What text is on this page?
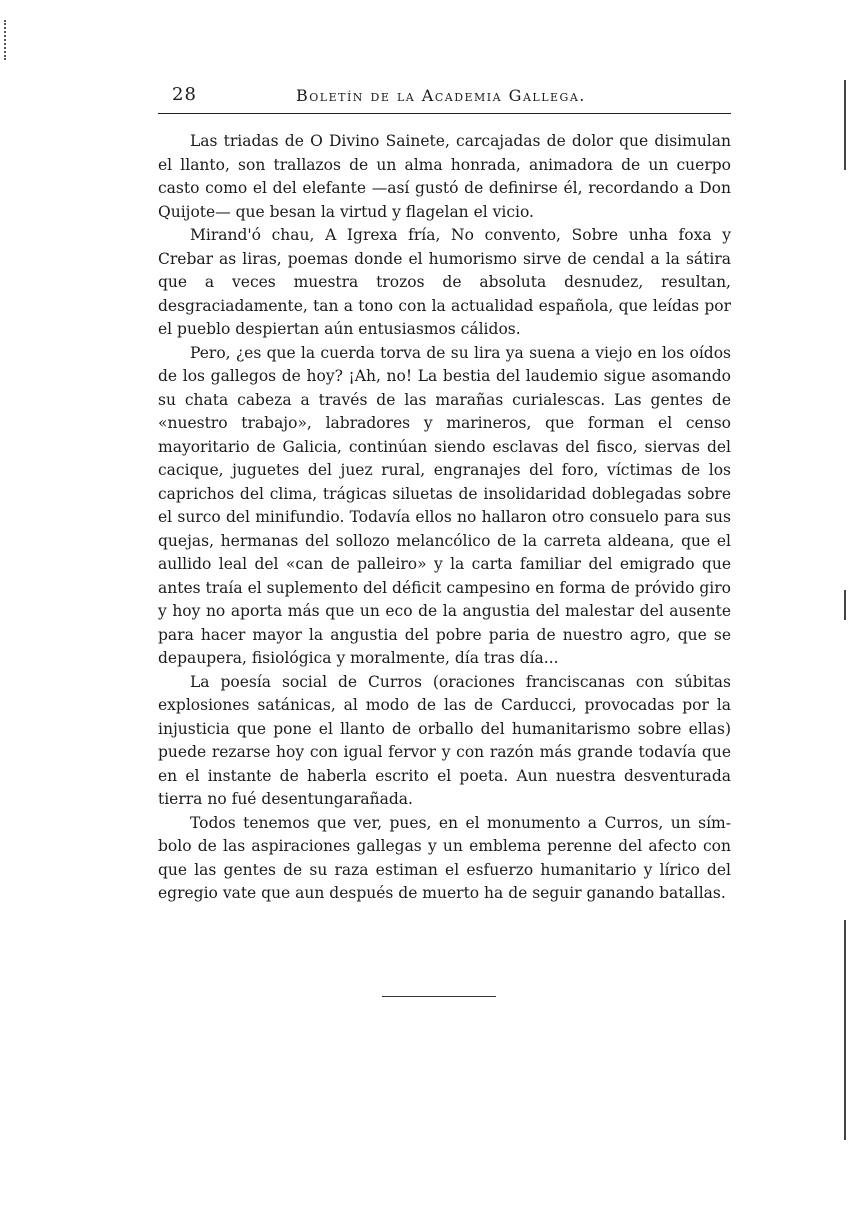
28	Boletín de la Academia Gallega.

Las triadas de O Divino Sainete, carcajadas de dolor que disimulan el llanto, son trallazos de un alma honrada, animadora de un cuerpo casto como el del elefante —así gustó de definirse él, recordando a Don Quijote— que besan la virtud y flagelan el vicio.

Mirand'ó chau, A Igrexa fría, No convento, Sobre unha foxa y Crebar as liras, poemas donde el humorismo sirve de cendal a la sátira que a veces muestra trozos de absoluta desnudez, resultan, desgraciadamente, tan a tono con la actualidad española, que leídas por el pueblo despiertan aún entusiasmos cálidos.

Pero, ¿es que la cuerda torva de su lira ya suena a viejo en los oídos de los gallegos de hoy? ¡Ah, no! La bestia del laudemio sigue asomando su chata cabeza a través de las marañas curialescas. Las gentes de «nuestro trabajo», labradores y marineros, que forman el censo mayoritario de Galicia, continúan siendo esclavas del fisco, siervas del cacique, juguetes del juez rural, engranajes del foro, víctimas de los caprichos del clima, trágicas siluetas de insolidaridad doblegadas sobre el surco del minifundio. Todavía ellos no hallaron otro consuelo para sus quejas, hermanas del sollozo melancólico de la carreta aldeana, que el aullido leal del «can de palleiro» y la carta familiar del emigrado que antes traía el suplemento del déficit campesino en forma de próvido giro y hoy no aporta más que un eco de la angustia del malestar del ausente para hacer mayor la angustia del pobre paria de nuestro agro, que se depaupera, fisiológica y moralmente, día tras día...

La poesía social de Curros (oraciones franciscanas con súbitas explosiones satánicas, al modo de las de Carducci, provocadas por la injusticia que pone el llanto de orballo del humanitarismo sobre ellas) puede rezarse hoy con igual fervor y con razón más grande todavía que en el instante de haberla escrito el poeta. Aun nuestra desventurada tierra no fué desentungarañada.

Todos tenemos que ver, pues, en el monumento a Curros, un símbolo de las aspiraciones gallegas y un emblema perenne del afecto con que las gentes de su raza estiman el esfuerzo humanitario y lírico del egregio vate que aun después de muerto ha de seguir ganando batallas.
